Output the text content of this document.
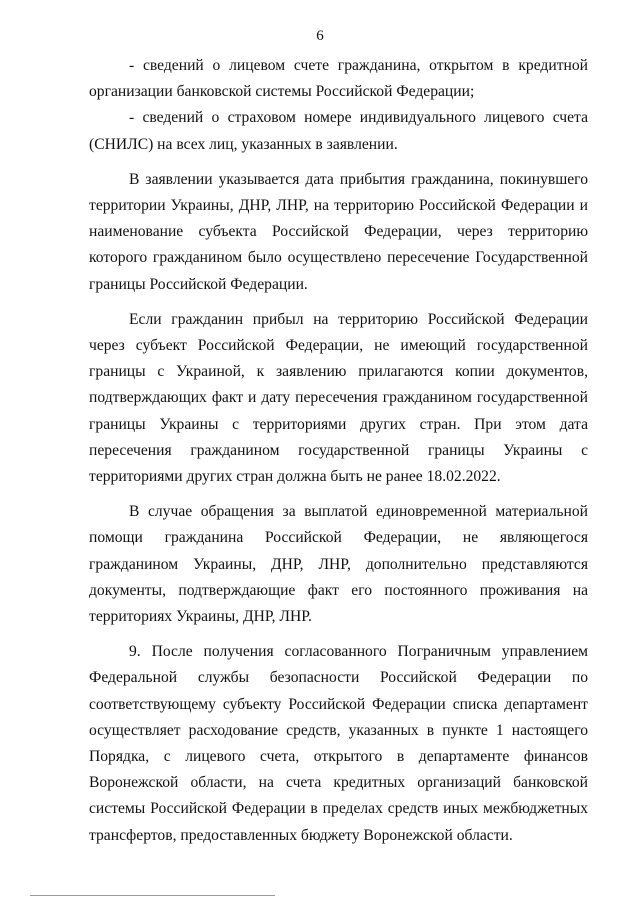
6

- сведений о лицевом счете гражданина, открытом в кредитной организации банковской системы Российской Федерации;

- сведений о страховом номере индивидуального лицевого счета (СНИЛС) на всех лиц, указанных в заявлении.

В заявлении указывается дата прибытия гражданина, покинувшего территории Украины, ДНР, ЛНР, на территорию Российской Федерации и наименование субъекта Российской Федерации, через территорию которого гражданином было осуществлено пересечение Государственной границы Российской Федерации.

Если гражданин прибыл на территорию Российской Федерации через субъект Российской Федерации, не имеющий государственной границы с Украиной, к заявлению прилагаются копии документов, подтверждающих факт и дату пересечения гражданином государственной границы Украины с территориями других стран. При этом дата пересечения гражданином государственной границы Украины с территориями других стран должна быть не ранее 18.02.2022.

В случае обращения за выплатой единовременной материальной помощи гражданина Российской Федерации, не являющегося гражданином Украины, ДНР, ЛНР, дополнительно представляются документы, подтверждающие факт его постоянного проживания на территориях Украины, ДНР, ЛНР.

9. После получения согласованного Пограничным управлением Федеральной службы безопасности Российской Федерации по соответствующему субъекту Российской Федерации списка департамент осуществляет расходование средств, указанных в пункте 1 настоящего Порядка, с лицевого счета, открытого в департаменте финансов Воронежской области, на счета кредитных организаций банковской системы Российской Федерации в пределах средств иных межбюджетных трансфертов, предоставленных бюджету Воронежской области.
